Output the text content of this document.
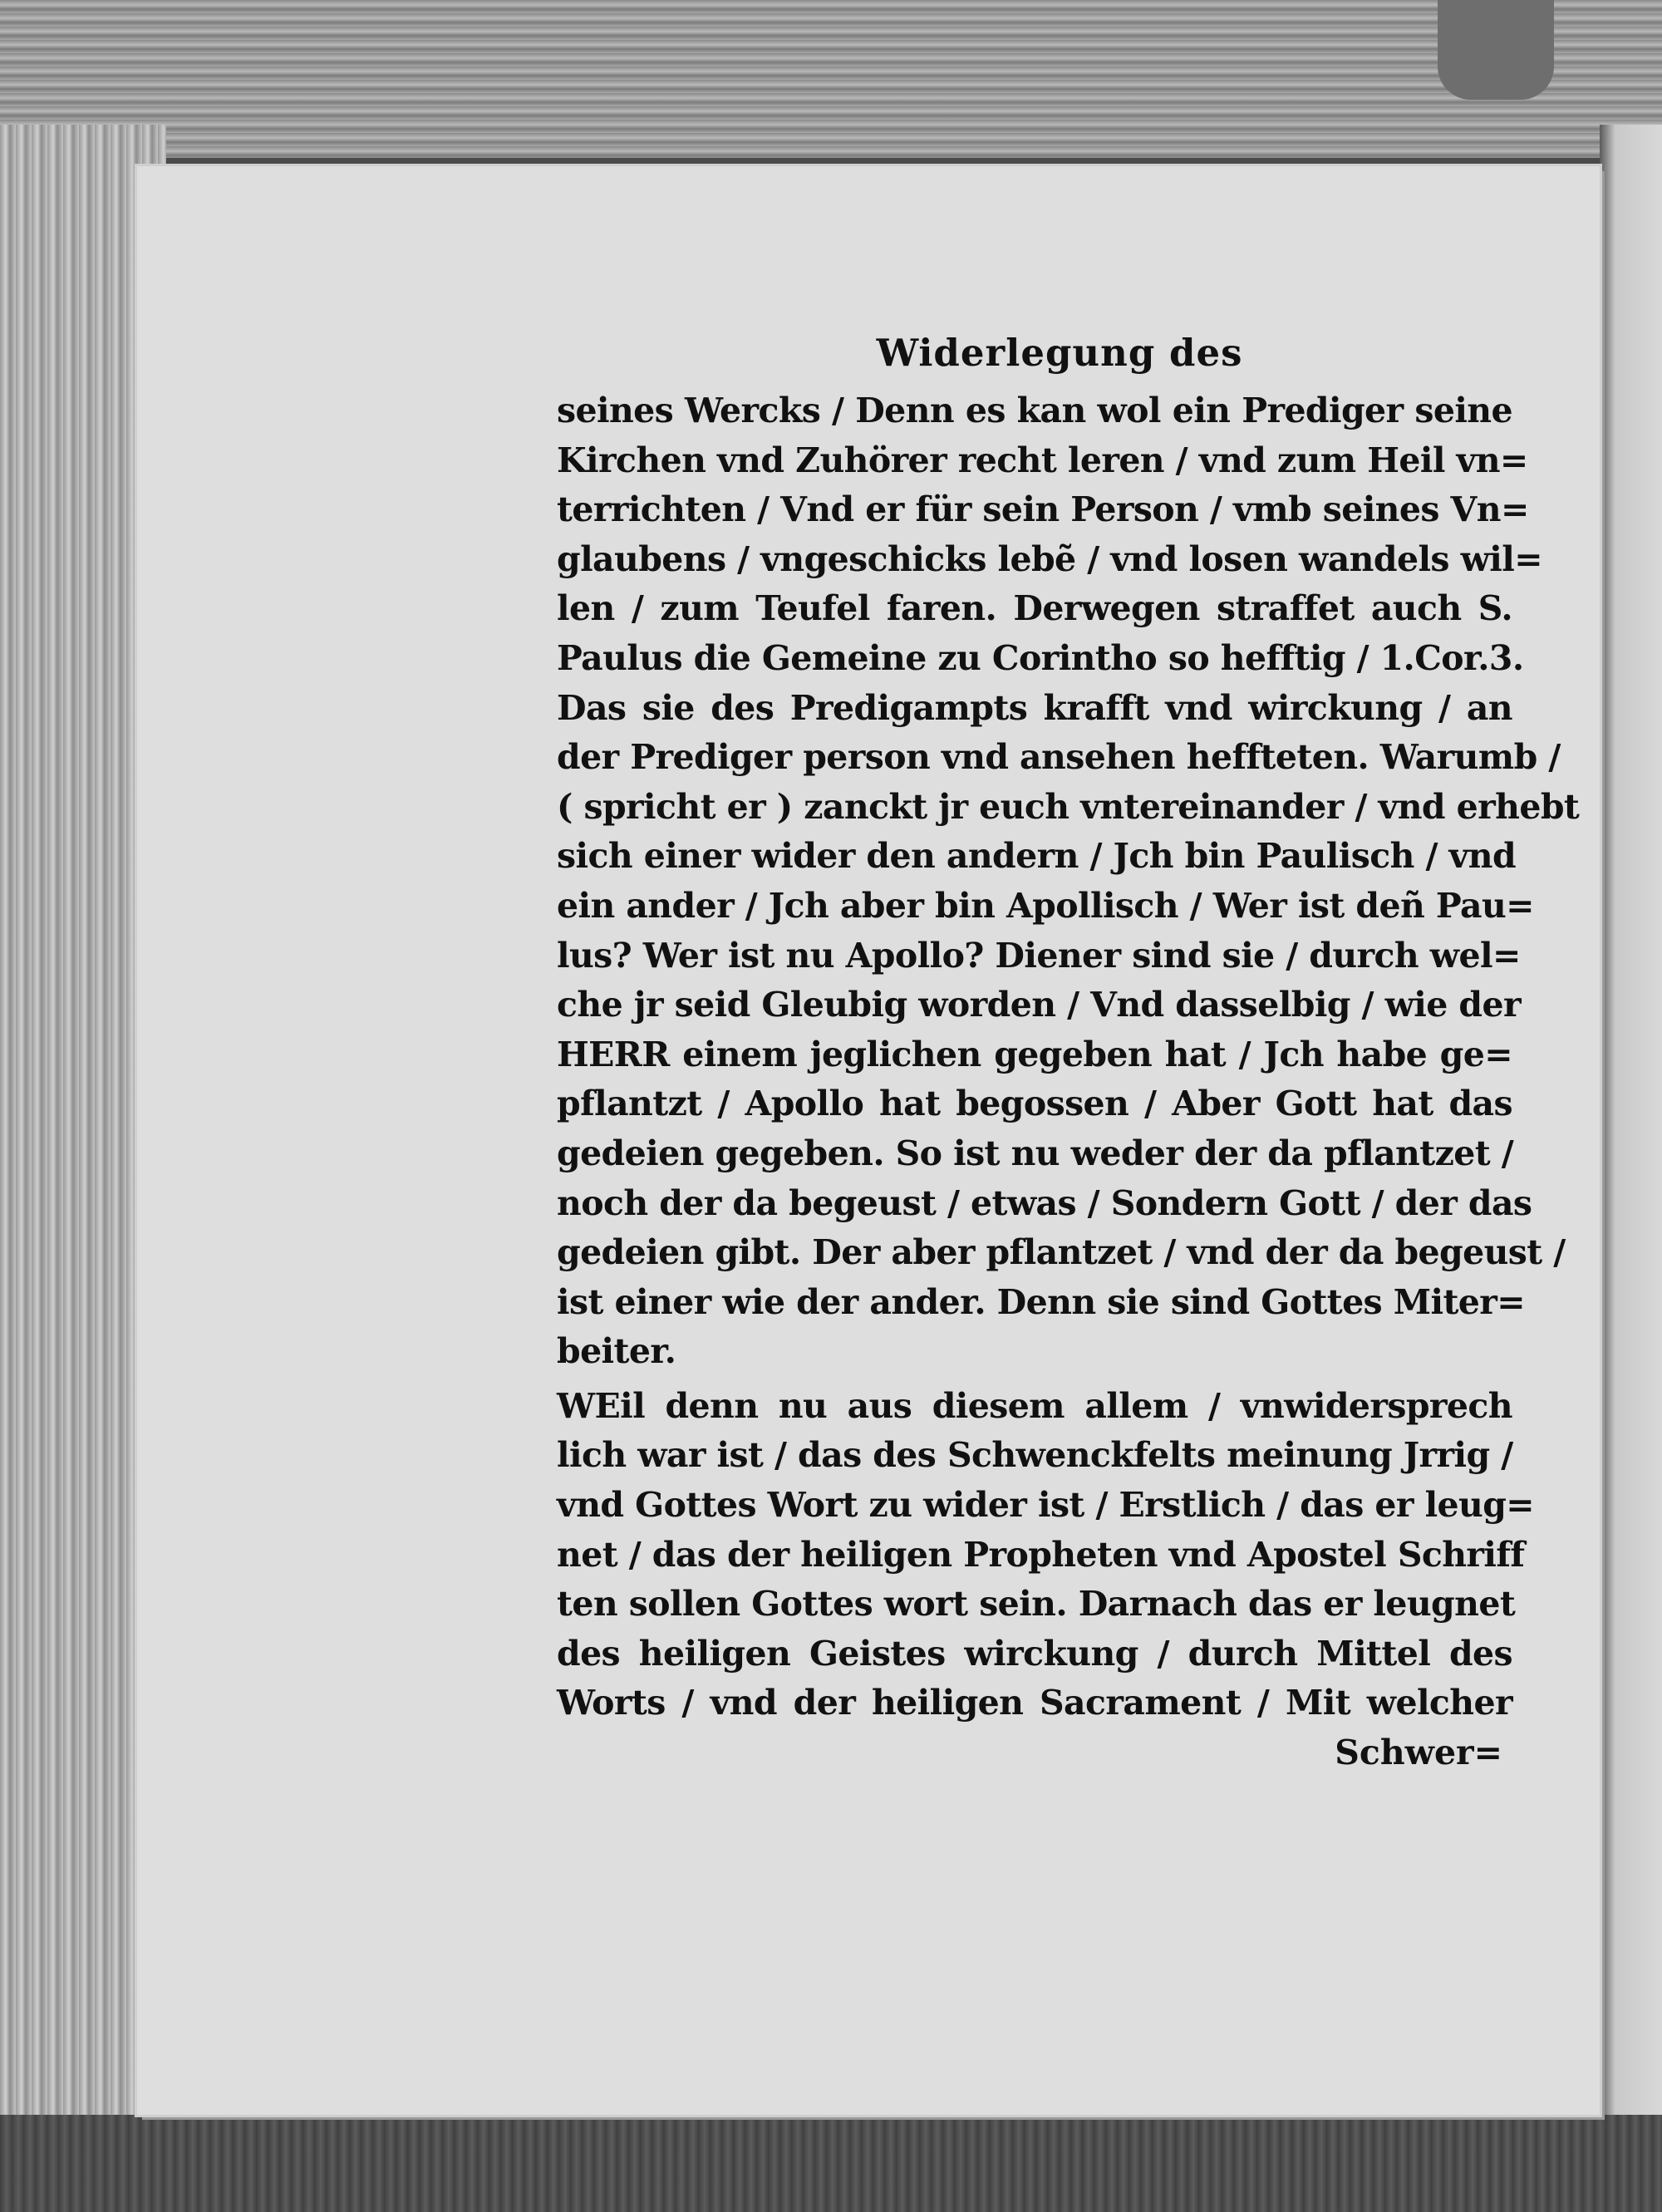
Widerlegung des
seines Wercks / Denn es kan wol ein Prediger seine
Kirchen vnd Zuhörer recht leren / vnd zum Heil vn=
terrichten / Vnd er für sein Person / vmb seines Vn=
glaubens / vngeschicks lebẽ / vnd losen wandels wil=
len / zum Teufel faren. Derwegen straffet auch S.
Paulus die Gemeine zu Corintho so hefftig / 1.Cor.3.
Das sie des Predigampts krafft vnd wirckung / an
der Prediger person vnd ansehen heffteten. Warumb /
( spricht er ) zanckt jr euch vntereinander / vnd erhebt
sich einer wider den andern / Jch bin Paulisch / vnd
ein ander / Jch aber bin Apollisch / Wer ist deñ Pau=
lus? Wer ist nu Apollo? Diener sind sie / durch wel=
che jr seid Gleubig worden / Vnd dasselbig / wie der
HERR einem jeglichen gegeben hat / Jch habe ge=
pflantzt / Apollo hat begossen / Aber Gott hat das
gedeien gegeben. So ist nu weder der da pflantzet /
noch der da begeust / etwas / Sondern Gott / der das
gedeien gibt. Der aber pflantzet / vnd der da begeust /
ist einer wie der ander. Denn sie sind Gottes Miter=
beiter.
WEil denn nu aus diesem allem / vnwidersprech
lich war ist / das des Schwenckfelts meinung Jrrig /
vnd Gottes Wort zu wider ist / Erstlich / das er leug=
net / das der heiligen Propheten vnd Apostel Schriff
ten sollen Gottes wort sein. Darnach das er leugnet
des heiligen Geistes wirckung / durch Mittel des
Worts / vnd der heiligen Sacrament / Mit welcher
Schwer=
